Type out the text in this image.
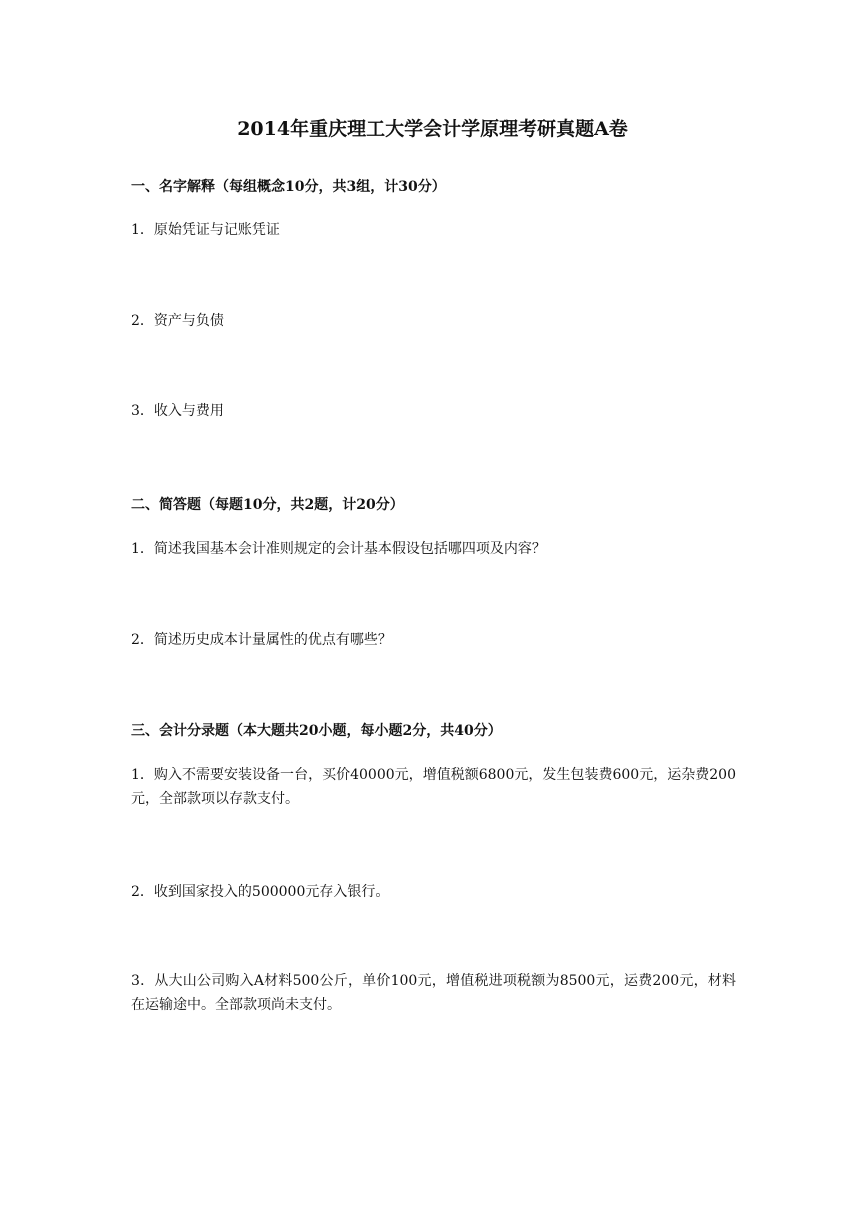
2014年重庆理工大学会计学原理考研真题A卷
一、名字解释（每组概念10分，共3组，计30分）
1．原始凭证与记账凭证
2．资产与负债
3．收入与费用
二、简答题（每题10分，共2题，计20分）
1．简述我国基本会计准则规定的会计基本假设包括哪四项及内容？
2．简述历史成本计量属性的优点有哪些？
三、会计分录题（本大题共20小题，每小题2分，共40分）
1．购入不需要安装设备一台，买价40000元，增值税额6800元，发生包装费600元，运杂费200元，全部款项以存款支付。
2．收到国家投入的500000元存入银行。
3．从大山公司购入A材料500公斤，单价100元，增值税进项税额为8500元，运费200元，材料在运输途中。全部款项尚未支付。
